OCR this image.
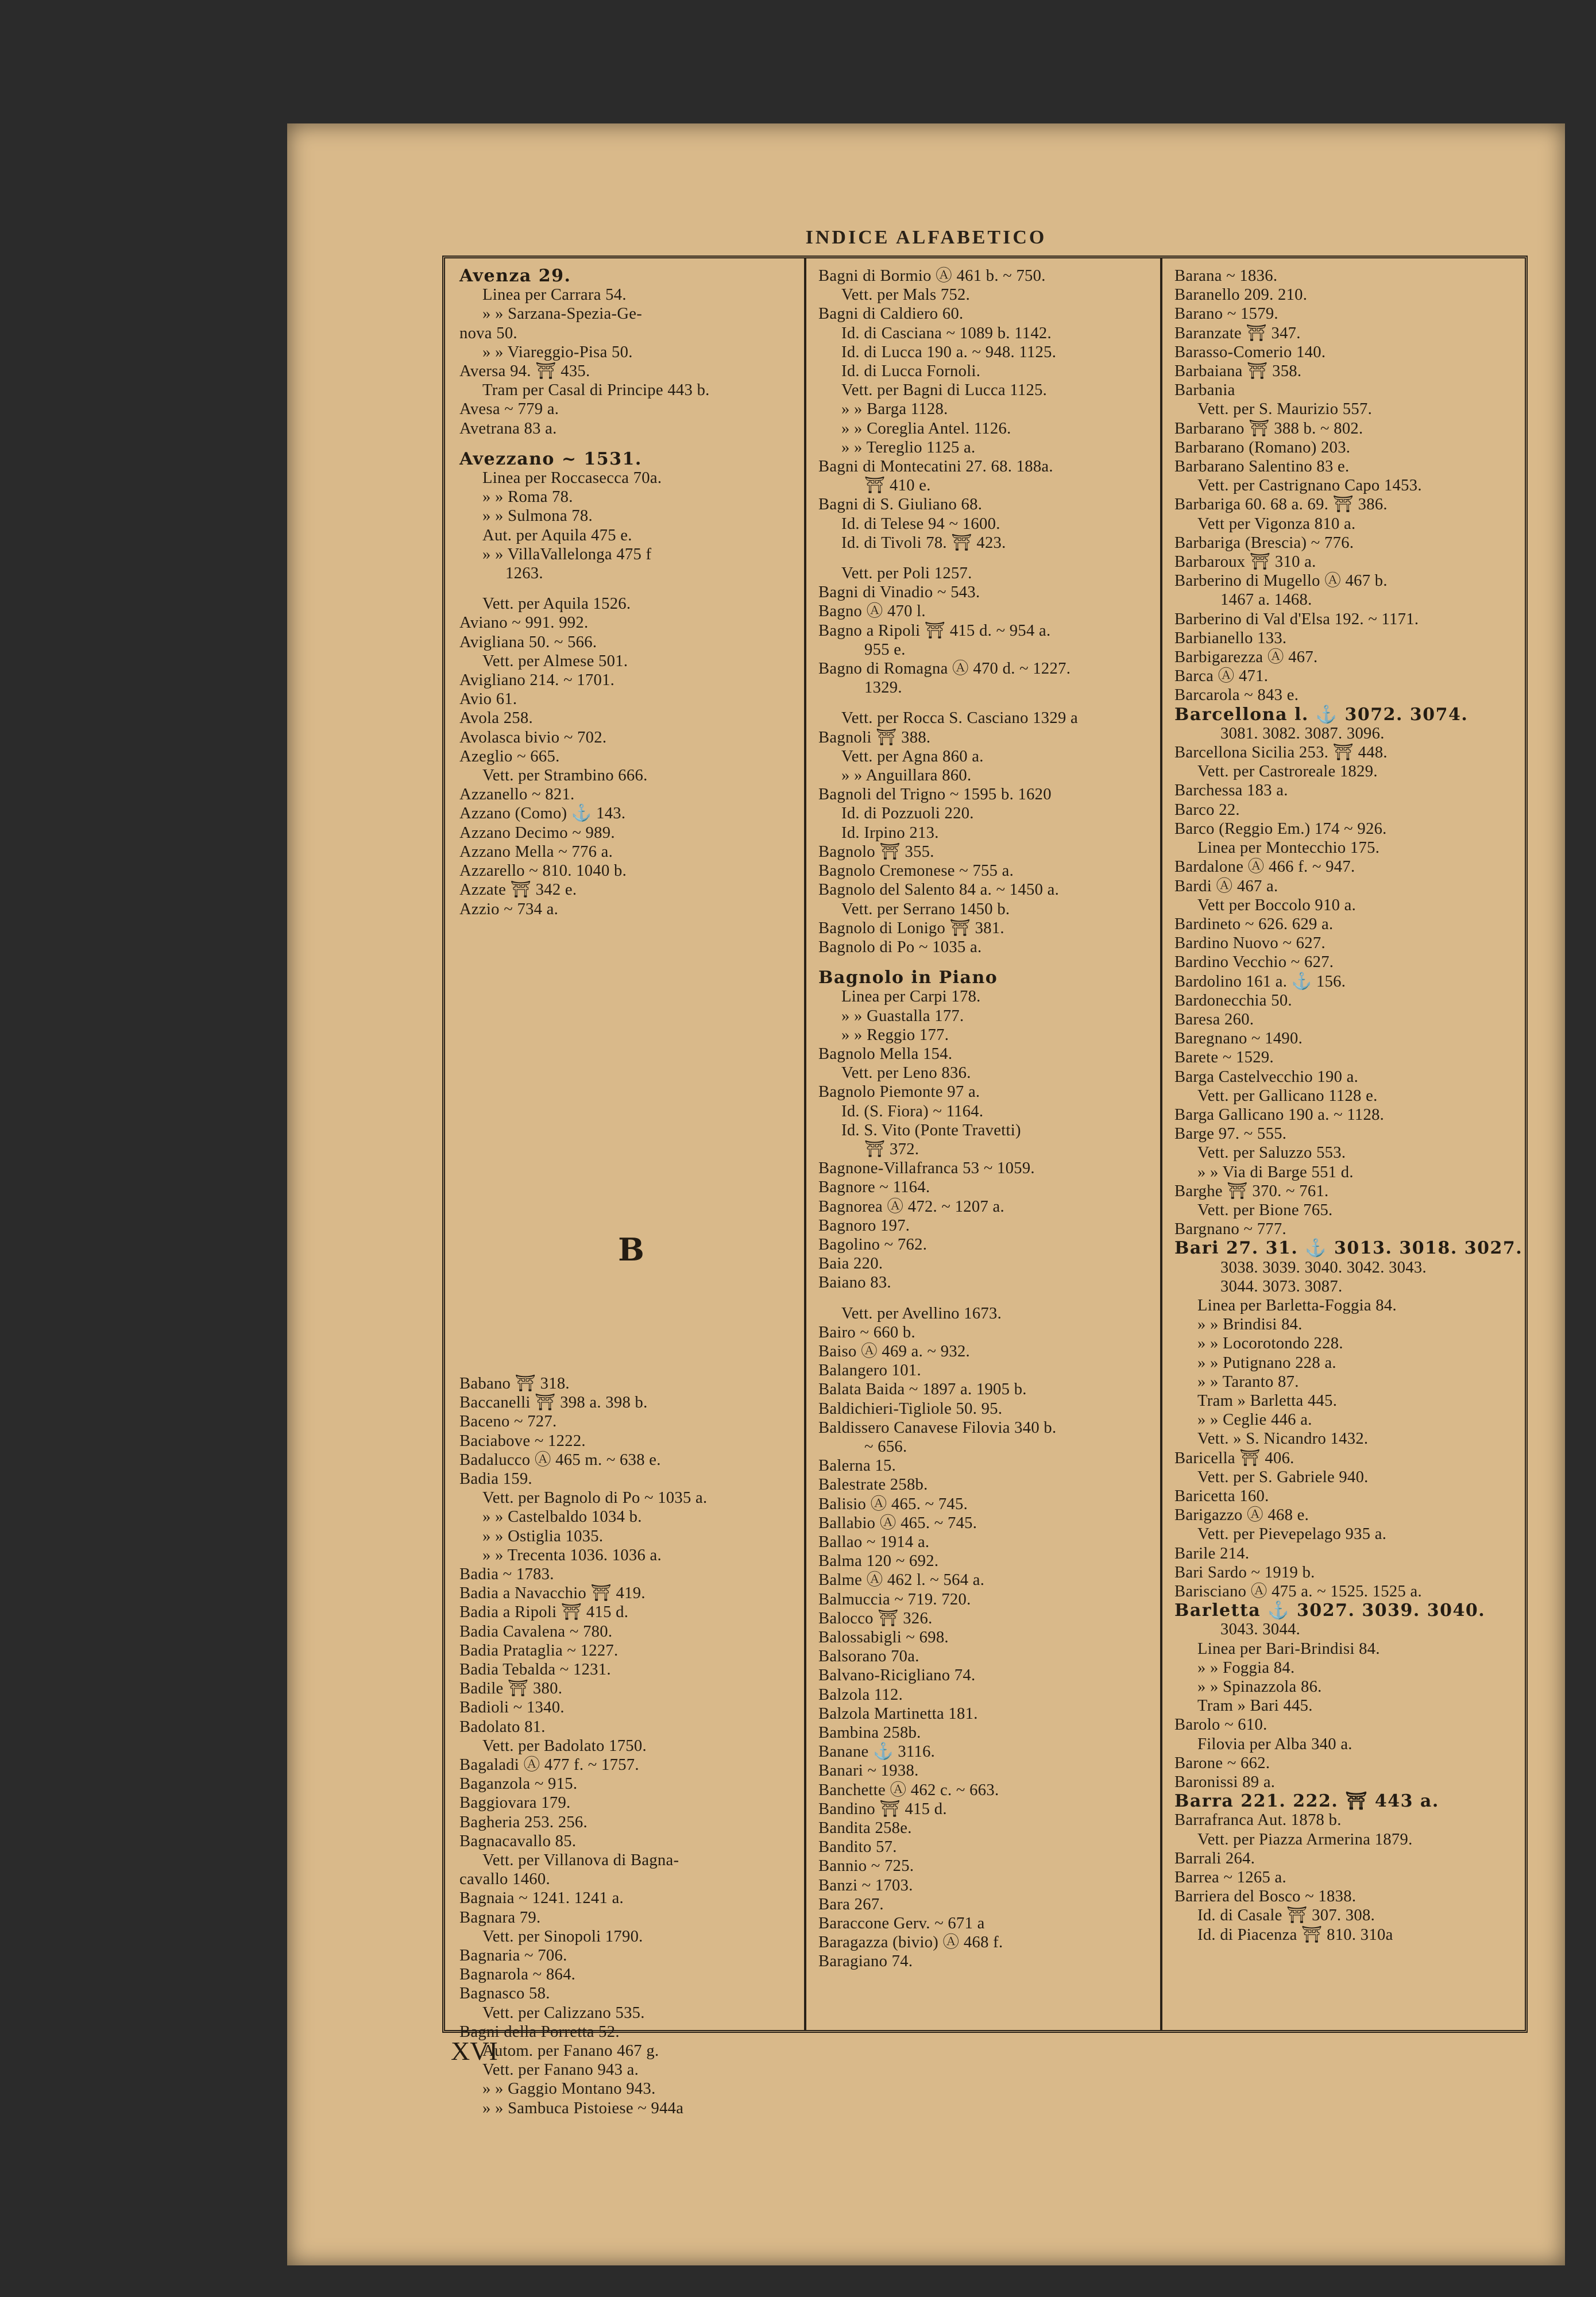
INDICE ALFABETICO
Avenza 29.
Linea per Carrara 54.
» » Sarzana-Spezia-Ge-
nova 50.
» » Viareggio-Pisa 50.
Aversa 94. ⛩ 435.
Tram per Casal di Principe 443 b.
Avesa ~ 779 a.
Avetrana 83 a.
Avezzano ~ 1531.
Linea per Roccasecca 70a.
» » Roma 78.
» » Sulmona 78.
Aut. per Aquila 475 e.
» » VillaVallelonga 475 f
1263.
Vett. per Aquila 1526.
Aviano ~ 991. 992.
Avigliana 50. ~ 566.
Vett. per Almese 501.
Avigliano 214. ~ 1701.
Avio 61.
Avola 258.
Avolasca bivio ~ 702.
Azeglio ~ 665.
Vett. per Strambino 666.
Azzanello ~ 821.
Azzano (Como) ⚓ 143.
Azzano Decimo ~ 989.
Azzano Mella ~ 776 a.
Azzarello ~ 810. 1040 b.
Azzate ⛩ 342 e.
Azzio ~ 734 a.
B
Babano ⛩ 318.
Baccanelli ⛩ 398 a. 398 b.
Baceno ~ 727.
Baciabove ~ 1222.
Badalucco Ⓐ 465 m. ~ 638 e.
Badia 159.
Vett. per Bagnolo di Po ~ 1035 a.
» » Castelbaldo 1034 b.
» » Ostiglia 1035.
» » Trecenta 1036. 1036 a.
Badia ~ 1783.
Badia a Navacchio ⛩ 419.
Badia a Ripoli ⛩ 415 d.
Badia Cavalena ~ 780.
Badia Prataglia ~ 1227.
Badia Tebalda ~ 1231.
Badile ⛩ 380.
Badioli ~ 1340.
Badolato 81.
Vett. per Badolato 1750.
Bagaladi Ⓐ 477 f. ~ 1757.
Baganzola ~ 915.
Baggiovara 179.
Bagheria 253. 256.
Bagnacavallo 85.
Vett. per Villanova di Bagna-
cavallo 1460.
Bagnaia ~ 1241. 1241 a.
Bagnara 79.
Vett. per Sinopoli 1790.
Bagnaria ~ 706.
Bagnarola ~ 864.
Bagnasco 58.
Vett. per Calizzano 535.
Bagni della Porretta 52.
Autom. per Fanano 467 g.
Vett. per Fanano 943 a.
» » Gaggio Montano 943.
» » Sambuca Pistoiese ~ 944a
Bagni di Bormio Ⓐ 461 b. ~ 750.
Vett. per Mals 752.
Bagni di Caldiero 60.
Id. di Casciana ~ 1089 b. 1142.
Id. di Lucca 190 a. ~ 948. 1125.
Id. di Lucca Fornoli.
Vett. per Bagni di Lucca 1125.
» » Barga 1128.
» » Coreglia Antel. 1126.
» » Tereglio 1125 a.
Bagni di Montecatini 27. 68. 188a.
⛩ 410 e.
Bagni di S. Giuliano 68.
Id. di Telese 94 ~ 1600.
Id. di Tivoli 78. ⛩ 423.
Vett. per Poli 1257.
Bagni di Vinadio ~ 543.
Bagno Ⓐ 470 l.
Bagno a Ripoli ⛩ 415 d. ~ 954 a.
955 e.
Bagno di Romagna Ⓐ 470 d. ~ 1227.
1329.
Vett. per Rocca S. Casciano 1329 a
Bagnoli ⛩ 388.
Vett. per Agna 860 a.
» » Anguillara 860.
Bagnoli del Trigno ~ 1595 b. 1620
Id. di Pozzuoli 220.
Id. Irpino 213.
Bagnolo ⛩ 355.
Bagnolo Cremonese ~ 755 a.
Bagnolo del Salento 84 a. ~ 1450 a.
Vett. per Serrano 1450 b.
Bagnolo di Lonigo ⛩ 381.
Bagnolo di Po ~ 1035 a.
Bagnolo in Piano
Linea per Carpi 178.
» » Guastalla 177.
» » Reggio 177.
Bagnolo Mella 154.
Vett. per Leno 836.
Bagnolo Piemonte 97 a.
Id. (S. Fiora) ~ 1164.
Id. S. Vito (Ponte Travetti)
⛩ 372.
Bagnone-Villafranca 53 ~ 1059.
Bagnore ~ 1164.
Bagnorea Ⓐ 472. ~ 1207 a.
Bagnoro 197.
Bagolino ~ 762.
Baia 220.
Baiano 83.
Vett. per Avellino 1673.
Bairo ~ 660 b.
Baiso Ⓐ 469 a. ~ 932.
Balangero 101.
Balata Baida ~ 1897 a. 1905 b.
Baldichieri-Tigliole 50. 95.
Baldissero Canavese Filovia 340 b.
~ 656.
Balerna 15.
Balestrate 258b.
Balisio Ⓐ 465. ~ 745.
Ballabio Ⓐ 465. ~ 745.
Ballao ~ 1914 a.
Balma 120 ~ 692.
Balme Ⓐ 462 l. ~ 564 a.
Balmuccia ~ 719. 720.
Balocco ⛩ 326.
Balossabigli ~ 698.
Balsorano 70a.
Balvano-Ricigliano 74.
Balzola 112.
Balzola Martinetta 181.
Bambina 258b.
Banane ⚓ 3116.
Banari ~ 1938.
Banchette Ⓐ 462 c. ~ 663.
Bandino ⛩ 415 d.
Bandita 258e.
Bandito 57.
Bannio ~ 725.
Banzi ~ 1703.
Bara 267.
Baraccone Gerv. ~ 671 a
Baragazza (bivio) Ⓐ 468 f.
Baragiano 74.
Barana ~ 1836.
Baranello 209. 210.
Barano ~ 1579.
Baranzate ⛩ 347.
Barasso-Comerio 140.
Barbaiana ⛩ 358.
Barbania
Vett. per S. Maurizio 557.
Barbarano ⛩ 388 b. ~ 802.
Barbarano (Romano) 203.
Barbarano Salentino 83 e.
Vett. per Castrignano Capo 1453.
Barbariga 60. 68 a. 69. ⛩ 386.
Vett per Vigonza 810 a.
Barbariga (Brescia) ~ 776.
Barbaroux ⛩ 310 a.
Barberino di Mugello Ⓐ 467 b.
1467 a. 1468.
Barberino di Val d'Elsa 192. ~ 1171.
Barbianello 133.
Barbigarezza Ⓐ 467.
Barca Ⓐ 471.
Barcarola ~ 843 e.
Barcellona l. ⚓ 3072. 3074.
3081. 3082. 3087. 3096.
Barcellona Sicilia 253. ⛩ 448.
Vett. per Castroreale 1829.
Barchessa 183 a.
Barco 22.
Barco (Reggio Em.) 174 ~ 926.
Linea per Montecchio 175.
Bardalone Ⓐ 466 f. ~ 947.
Bardi Ⓐ 467 a.
Vett per Boccolo 910 a.
Bardineto ~ 626. 629 a.
Bardino Nuovo ~ 627.
Bardino Vecchio ~ 627.
Bardolino 161 a. ⚓ 156.
Bardonecchia 50.
Baresa 260.
Baregnano ~ 1490.
Barete ~ 1529.
Barga Castelvecchio 190 a.
Vett. per Gallicano 1128 e.
Barga Gallicano 190 a. ~ 1128.
Barge 97. ~ 555.
Vett. per Saluzzo 553.
» » Via di Barge 551 d.
Barghe ⛩ 370. ~ 761.
Vett. per Bione 765.
Bargnano ~ 777.
Bari 27. 31. ⚓ 3013. 3018. 3027.
3038. 3039. 3040. 3042. 3043.
3044. 3073. 3087.
Linea per Barletta-Foggia 84.
» » Brindisi 84.
» » Locorotondo 228.
» » Putignano 228 a.
» » Taranto 87.
Tram » Barletta 445.
» » Ceglie 446 a.
Vett. » S. Nicandro 1432.
Baricella ⛩ 406.
Vett. per S. Gabriele 940.
Baricetta 160.
Barigazzo Ⓐ 468 e.
Vett. per Pievepelago 935 a.
Barile 214.
Bari Sardo ~ 1919 b.
Barisciano Ⓐ 475 a. ~ 1525. 1525 a.
Barletta ⚓ 3027. 3039. 3040.
3043. 3044.
Linea per Bari-Brindisi 84.
» » Foggia 84.
» » Spinazzola 86.
Tram » Bari 445.
Barolo ~ 610.
Filovia per Alba 340 a.
Barone ~ 662.
Baronissi 89 a.
Barra 221. 222. ⛩ 443 a.
Barrafranca Aut. 1878 b.
Vett. per Piazza Armerina 1879.
Barrali 264.
Barrea ~ 1265 a.
Barriera del Bosco ~ 1838.
Id. di Casale ⛩ 307. 308.
Id. di Piacenza ⛩ 810. 310a
XVI
